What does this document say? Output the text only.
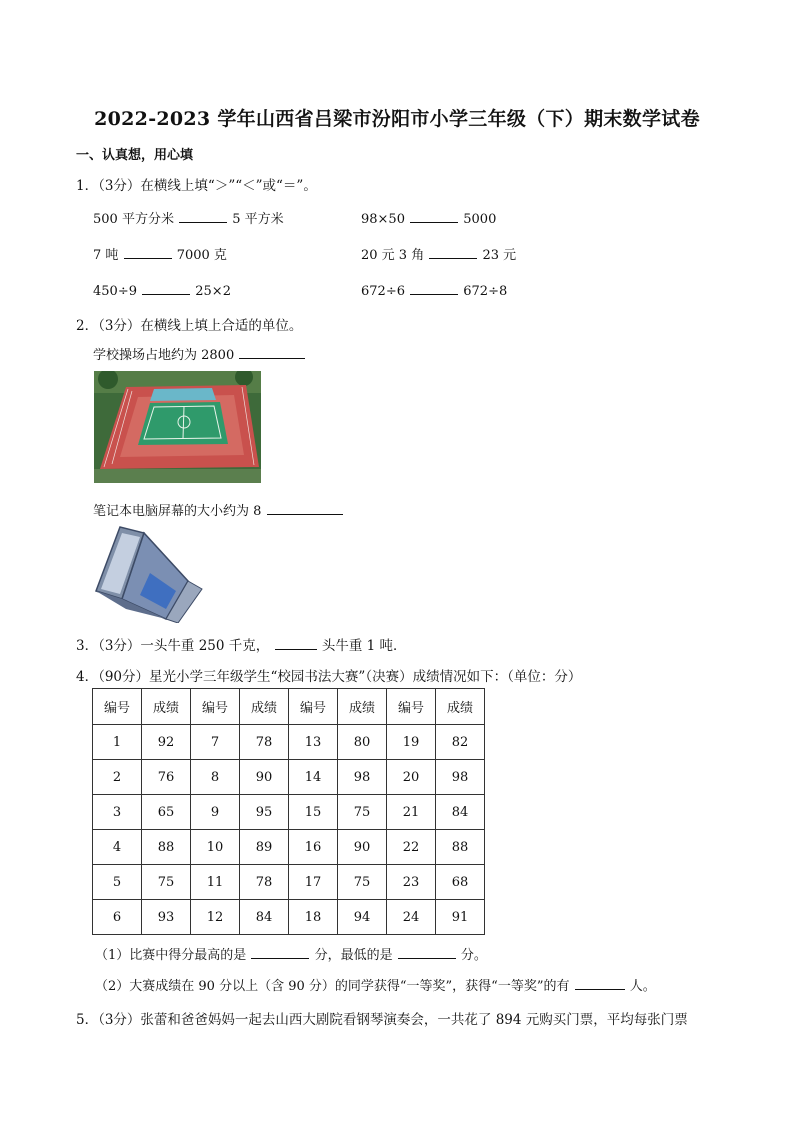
2022-2023 学年山西省吕梁市汾阳市小学三年级（下）期末数学试卷
一、认真想，用心填
1．（3分）在横线上填“＞”“＜”或“＝”。
500 平方分米	5 平方米	98×50	5000
7 吨	7000 克	20 元 3 角	23 元
450÷9	25×2	672÷6	672÷8
2．（3分）在横线上填上合适的单位。
学校操场占地约为 2800
笔记本电脑屏幕的大小约为 8
3．（3分）一头牛重 250 千克，	头牛重 1 吨．
4．（90分）星光小学三年级学生“校园书法大赛”（决赛）成绩情况如下：（单位：分）
编号	成绩	编号	成绩	编号	成绩	编号	成绩
1	92	7	78	13	80	19	82
2	76	8	90	14	98	20	98
3	65	9	95	15	75	21	84
4	88	10	89	16	90	22	88
5	75	11	78	17	75	23	68
6	93	12	84	18	94	24	91
（1）比赛中得分最高的是	分，最低的是	分。
（2）大赛成绩在 90 分以上（含 90 分）的同学获得“一等奖”，获得“一等奖”的有	人。
5．（3分）张蕾和爸爸妈妈一起去山西大剧院看钢琴演奏会，一共花了 894 元购买门票，平均每张门票
